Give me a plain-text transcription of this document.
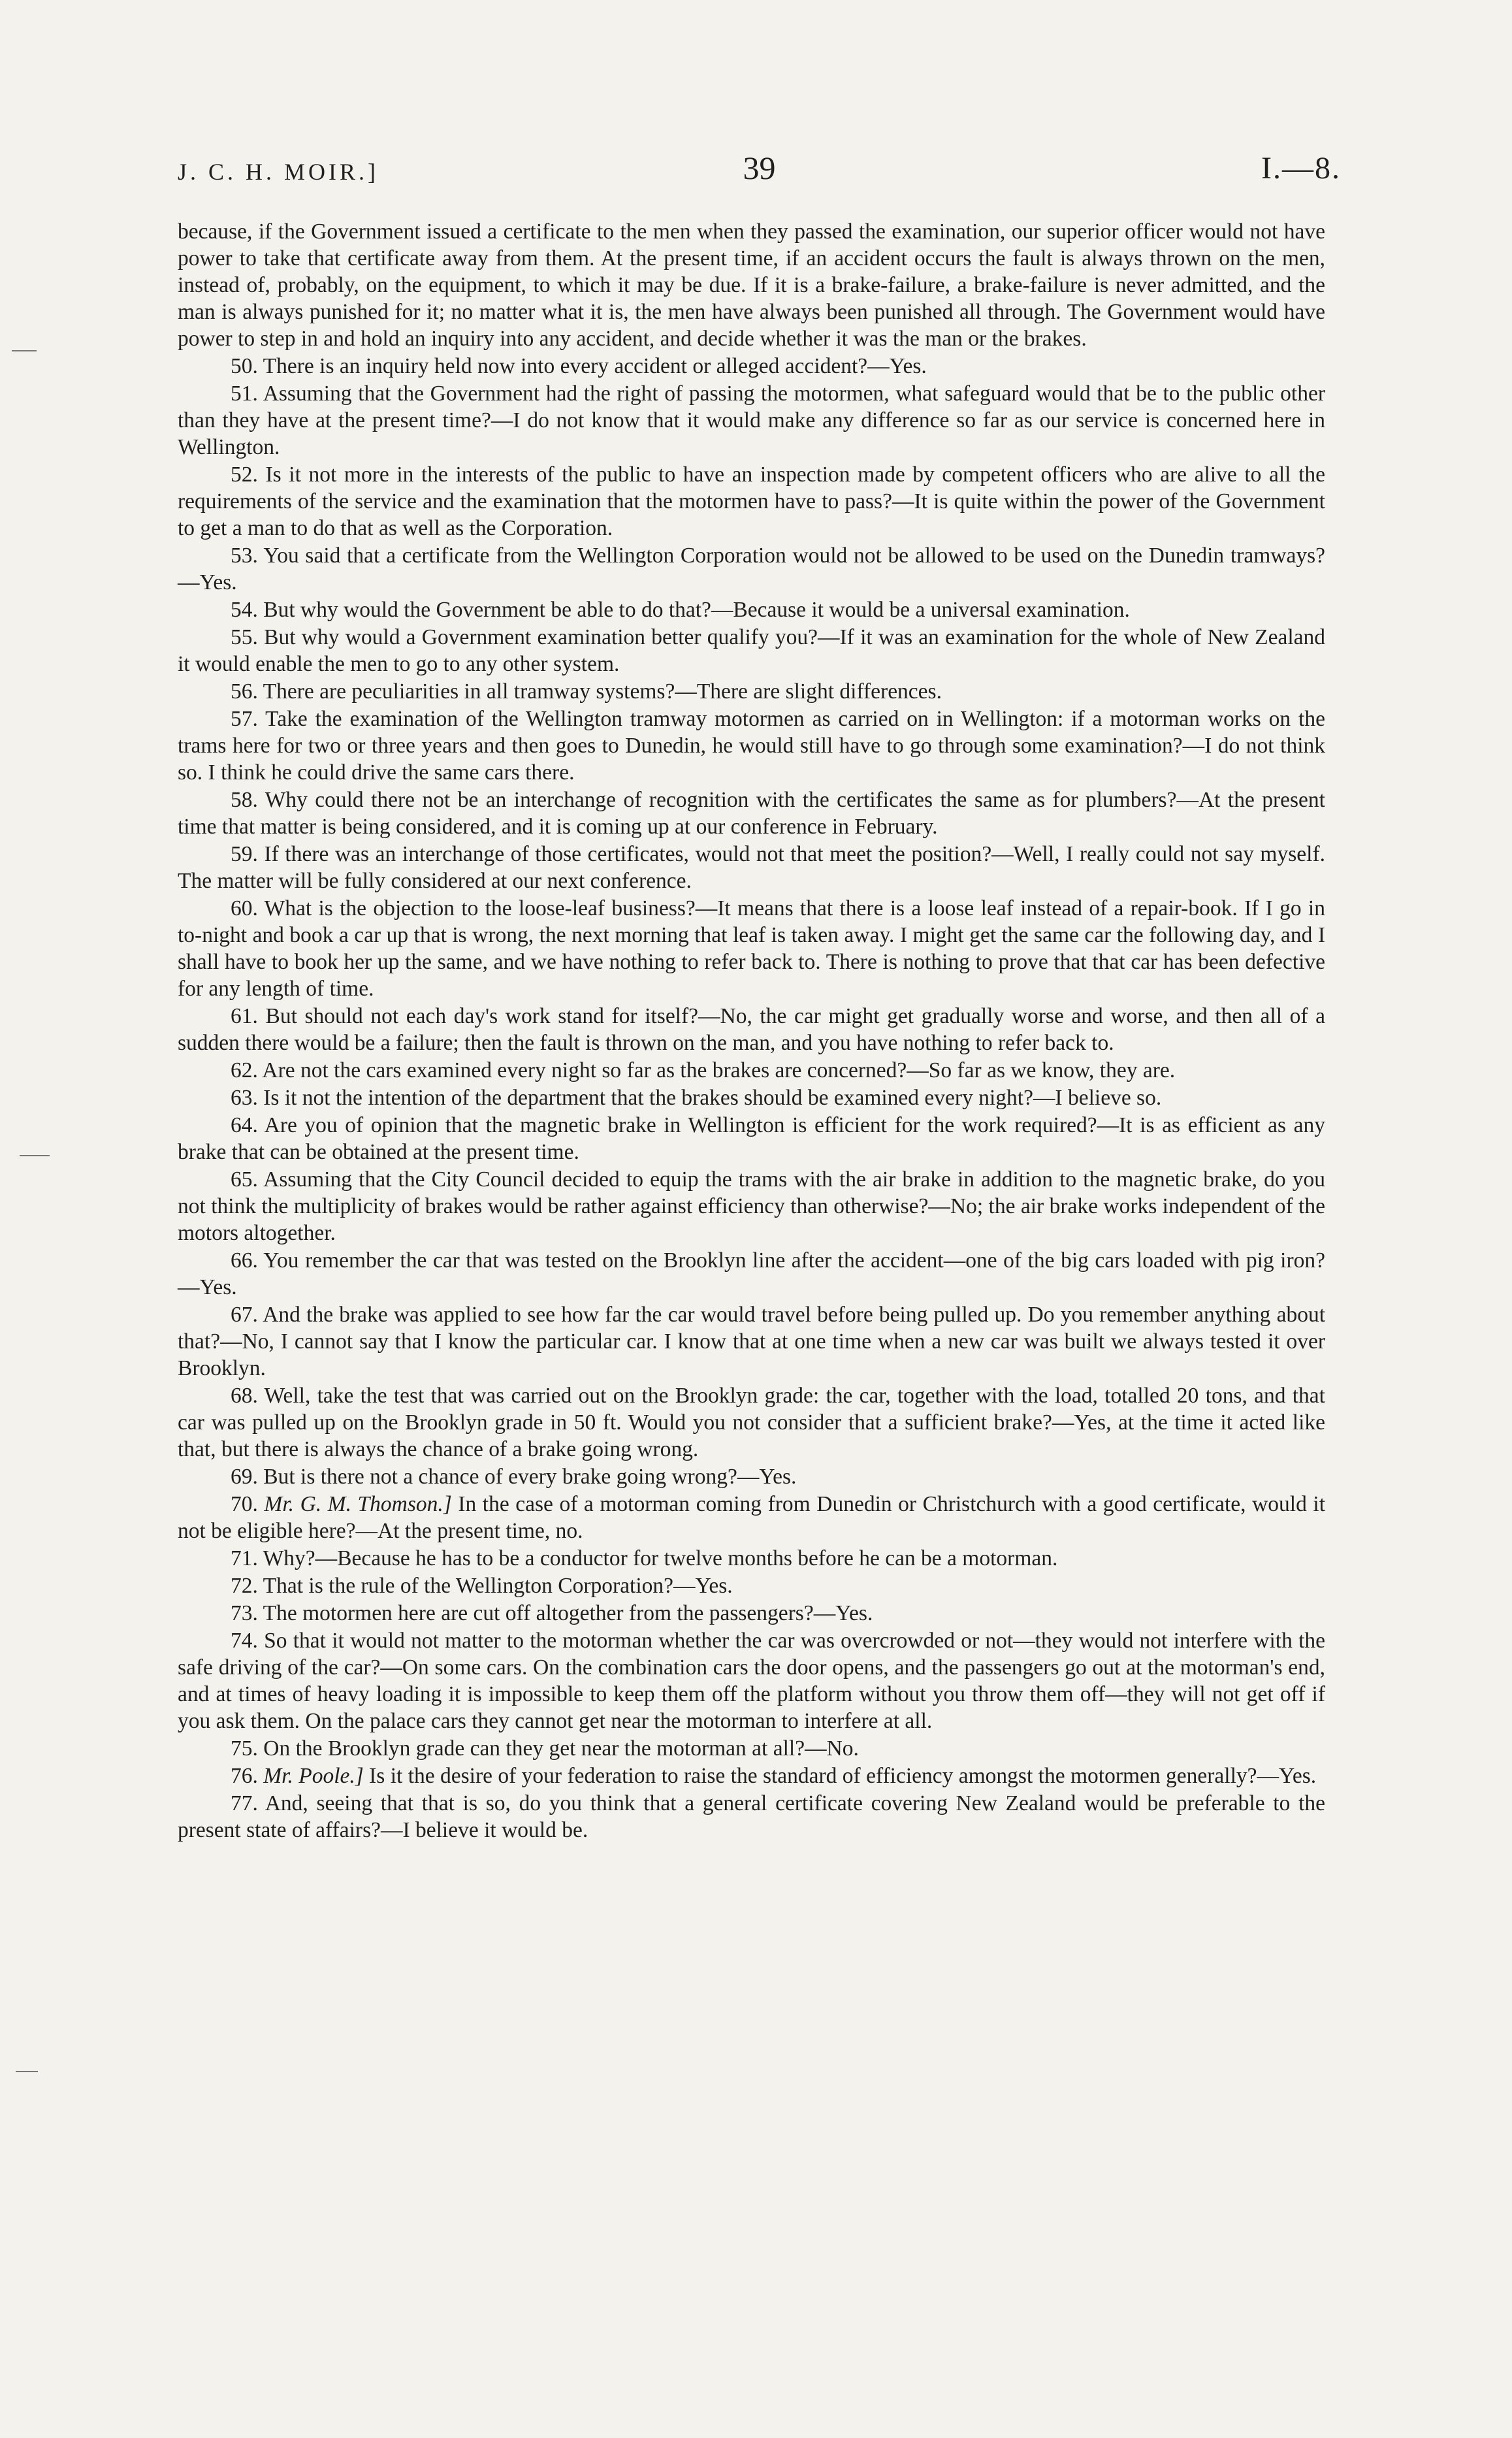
J. C. H. MOIR.]	39	I.—8.

because, if the Government issued a certificate to the men when they passed the examination, our superior officer would not have power to take that certificate away from them. At the present time, if an accident occurs the fault is always thrown on the men, instead of, probably, on the equipment, to which it may be due. If it is a brake-failure, a brake-failure is never admitted, and the man is always punished for it; no matter what it is, the men have always been punished all through. The Government would have power to step in and hold an inquiry into any accident, and decide whether it was the man or the brakes.

50. There is an inquiry held now into every accident or alleged accident?—Yes.

51. Assuming that the Government had the right of passing the motormen, what safeguard would that be to the public other than they have at the present time?—I do not know that it would make any difference so far as our service is concerned here in Wellington.

52. Is it not more in the interests of the public to have an inspection made by competent officers who are alive to all the requirements of the service and the examination that the motormen have to pass?—It is quite within the power of the Government to get a man to do that as well as the Corporation.

53. You said that a certificate from the Wellington Corporation would not be allowed to be used on the Dunedin tramways?—Yes.

54. But why would the Government be able to do that?—Because it would be a universal examination.

55. But why would a Government examination better qualify you?—If it was an examination for the whole of New Zealand it would enable the men to go to any other system.

56. There are peculiarities in all tramway systems?—There are slight differences.

57. Take the examination of the Wellington tramway motormen as carried on in Wellington: if a motorman works on the trams here for two or three years and then goes to Dunedin, he would still have to go through some examination?—I do not think so. I think he could drive the same cars there.

58. Why could there not be an interchange of recognition with the certificates the same as for plumbers?—At the present time that matter is being considered, and it is coming up at our conference in February.

59. If there was an interchange of those certificates, would not that meet the position?—Well, I really could not say myself. The matter will be fully considered at our next conference.

60. What is the objection to the loose-leaf business?—It means that there is a loose leaf instead of a repair-book. If I go in to-night and book a car up that is wrong, the next morning that leaf is taken away. I might get the same car the following day, and I shall have to book her up the same, and we have nothing to refer back to. There is nothing to prove that that car has been defective for any length of time.

61. But should not each day's work stand for itself?—No, the car might get gradually worse and worse, and then all of a sudden there would be a failure; then the fault is thrown on the man, and you have nothing to refer back to.

62. Are not the cars examined every night so far as the brakes are concerned?—So far as we know, they are.

63. Is it not the intention of the department that the brakes should be examined every night?—I believe so.

64. Are you of opinion that the magnetic brake in Wellington is efficient for the work required?—It is as efficient as any brake that can be obtained at the present time.

65. Assuming that the City Council decided to equip the trams with the air brake in addition to the magnetic brake, do you not think the multiplicity of brakes would be rather against efficiency than otherwise?—No; the air brake works independent of the motors altogether.

66. You remember the car that was tested on the Brooklyn line after the accident—one of the big cars loaded with pig iron?—Yes.

67. And the brake was applied to see how far the car would travel before being pulled up. Do you remember anything about that?—No, I cannot say that I know the particular car. I know that at one time when a new car was built we always tested it over Brooklyn.

68. Well, take the test that was carried out on the Brooklyn grade: the car, together with the load, totalled 20 tons, and that car was pulled up on the Brooklyn grade in 50 ft. Would you not consider that a sufficient brake?—Yes, at the time it acted like that, but there is always the chance of a brake going wrong.

69. But is there not a chance of every brake going wrong?—Yes.

70. Mr. G. M. Thomson.] In the case of a motorman coming from Dunedin or Christchurch with a good certificate, would it not be eligible here?—At the present time, no.

71. Why?—Because he has to be a conductor for twelve months before he can be a motorman.

72. That is the rule of the Wellington Corporation?—Yes.

73. The motormen here are cut off altogether from the passengers?—Yes.

74. So that it would not matter to the motorman whether the car was overcrowded or not—they would not interfere with the safe driving of the car?—On some cars. On the combination cars the door opens, and the passengers go out at the motorman's end, and at times of heavy loading it is impossible to keep them off the platform without you throw them off—they will not get off if you ask them. On the palace cars they cannot get near the motorman to interfere at all.

75. On the Brooklyn grade can they get near the motorman at all?—No.

76. Mr. Poole.] Is it the desire of your federation to raise the standard of efficiency amongst the motormen generally?—Yes.

77. And, seeing that that is so, do you think that a general certificate covering New Zealand would be preferable to the present state of affairs?—I believe it would be.
